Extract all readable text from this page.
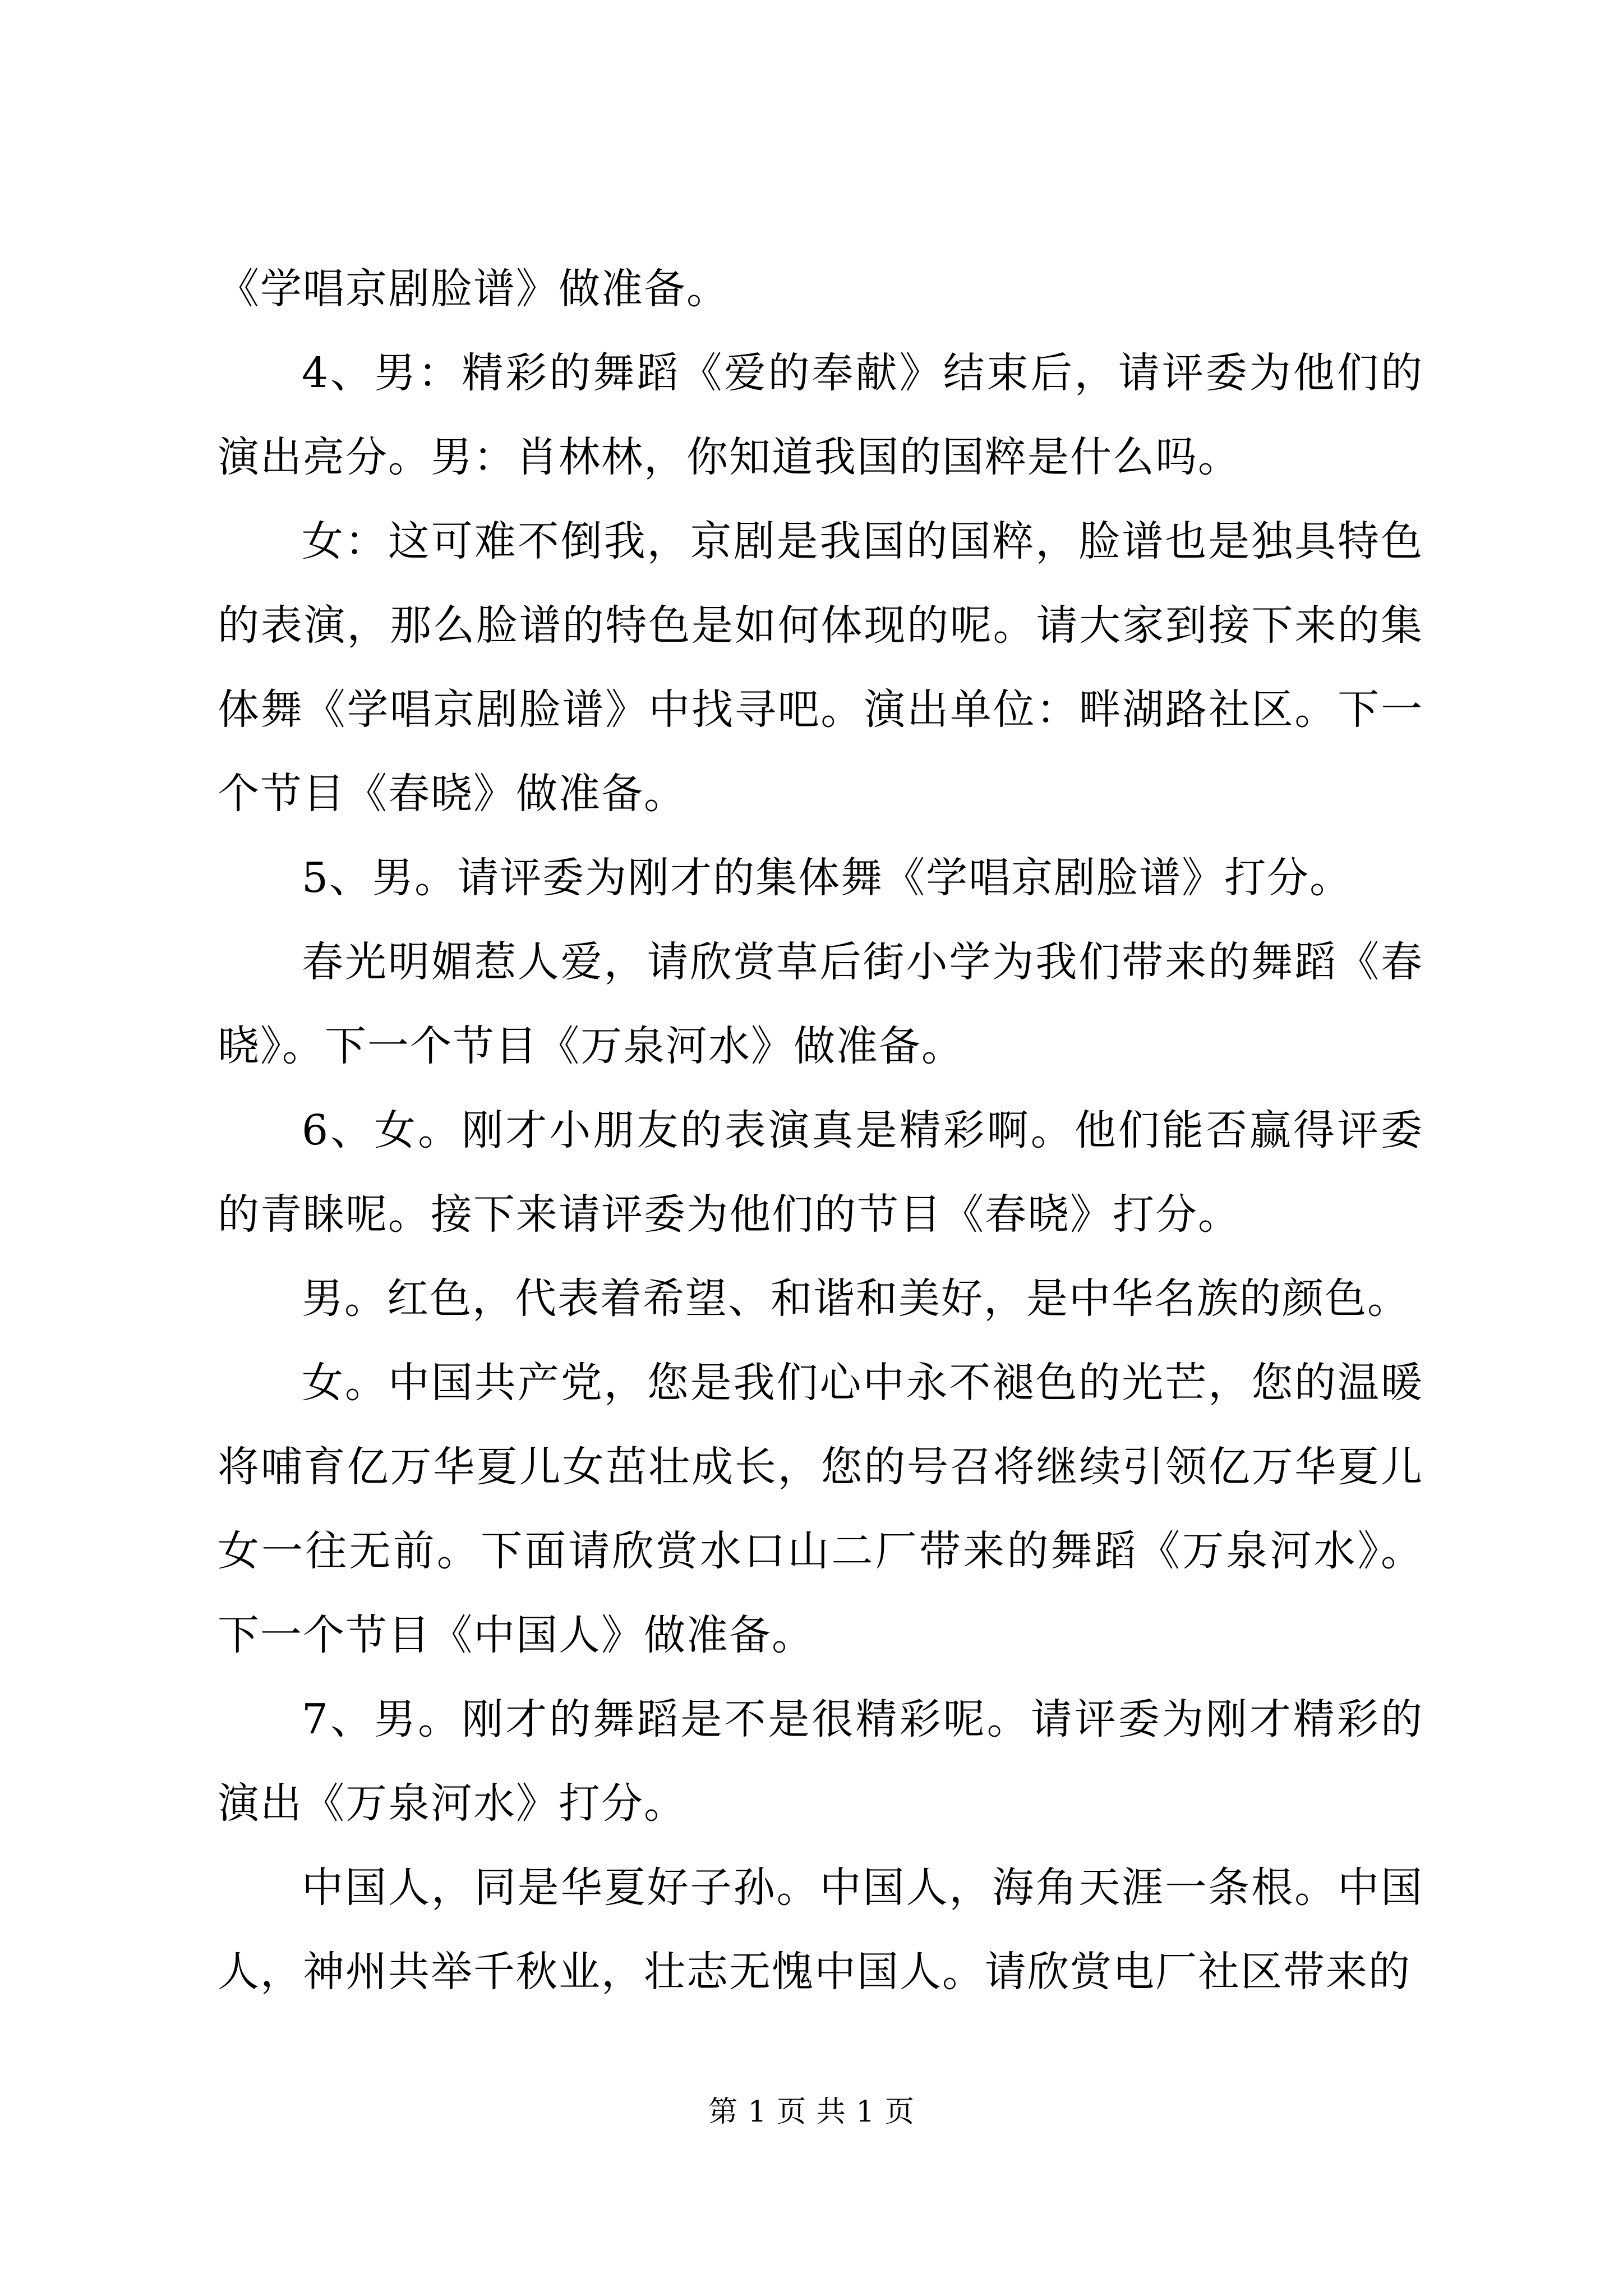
《学唱京剧脸谱》做准备。

4、男：精彩的舞蹈《爱的奉献》结束后，请评委为他们的演出亮分。男：肖林林，你知道我国的国粹是什么吗。

女：这可难不倒我，京剧是我国的国粹，脸谱也是独具特色的表演，那么脸谱的特色是如何体现的呢。请大家到接下来的集体舞《学唱京剧脸谱》中找寻吧。演出单位：畔湖路社区。下一个节目《春晓》做准备。

5、男。请评委为刚才的集体舞《学唱京剧脸谱》打分。

春光明媚惹人爱，请欣赏草后街小学为我们带来的舞蹈《春晓》。下一个节目《万泉河水》做准备。

6、女。刚才小朋友的表演真是精彩啊。他们能否赢得评委的青睐呢。接下来请评委为他们的节目《春晓》打分。

男。红色，代表着希望、和谐和美好，是中华名族的颜色。

女。中国共产党，您是我们心中永不褪色的光芒，您的温暖将哺育亿万华夏儿女茁壮成长，您的号召将继续引领亿万华夏儿女一往无前。下面请欣赏水口山二厂带来的舞蹈《万泉河水》。下一个节目《中国人》做准备。

7、男。刚才的舞蹈是不是很精彩呢。请评委为刚才精彩的演出《万泉河水》打分。

中国人，同是华夏好子孙。中国人，海角天涯一条根。中国人，神州共举千秋业，壮志无愧中国人。请欣赏电厂社区带来的

第 1 页 共 1 页
